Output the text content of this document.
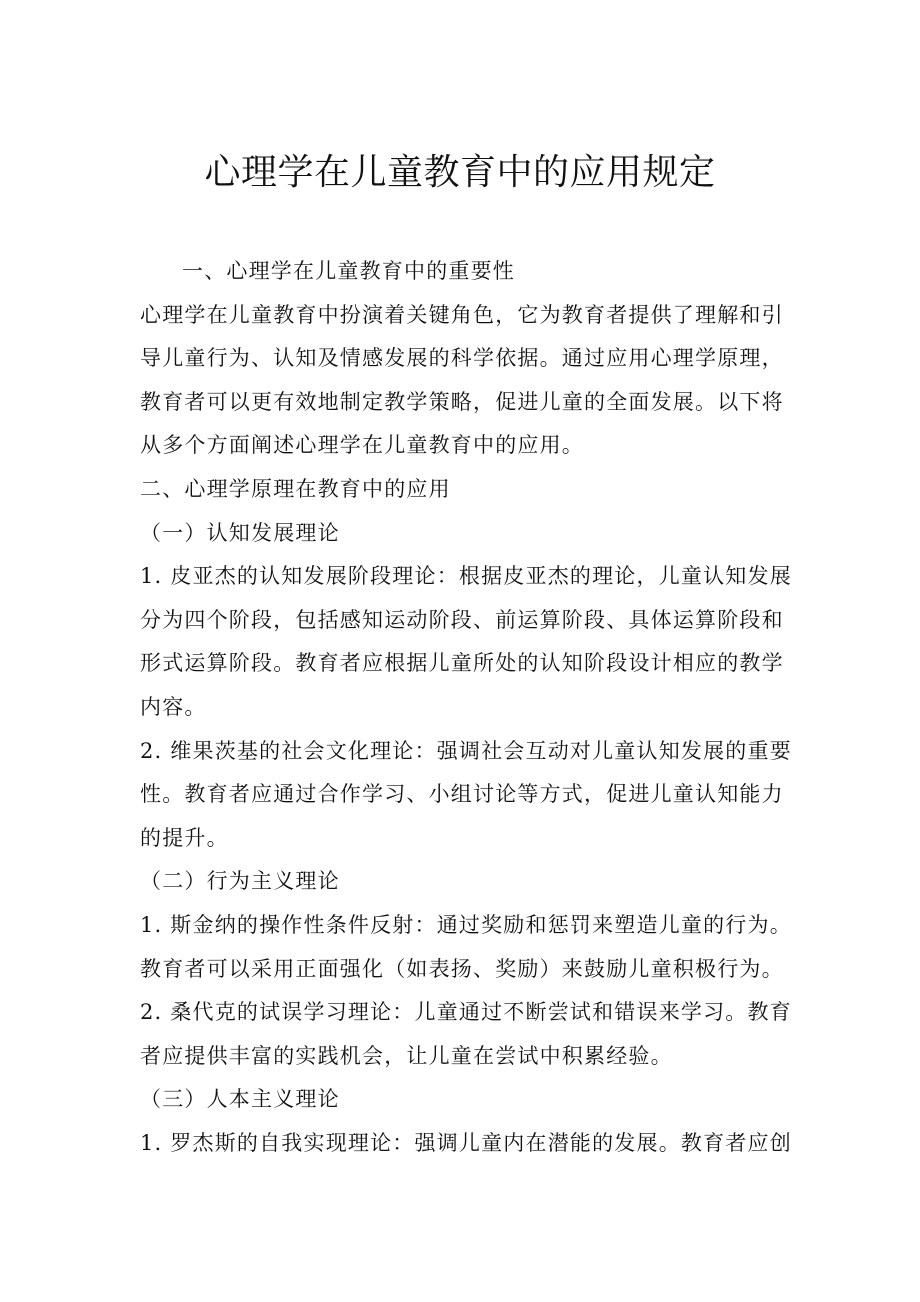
心理学在儿童教育中的应用规定

一、心理学在儿童教育中的重要性

心理学在儿童教育中扮演着关键角色，它为教育者提供了理解和引

导儿童行为、认知及情感发展的科学依据。通过应用心理学原理，

教育者可以更有效地制定教学策略，促进儿童的全面发展。以下将

从多个方面阐述心理学在儿童教育中的应用。

二、心理学原理在教育中的应用

（一）认知发展理论

1. 皮亚杰的认知发展阶段理论：根据皮亚杰的理论，儿童认知发展

分为四个阶段，包括感知运动阶段、前运算阶段、具体运算阶段和

形式运算阶段。教育者应根据儿童所处的认知阶段设计相应的教学

内容。

2. 维果茨基的社会文化理论：强调社会互动对儿童认知发展的重要

性。教育者应通过合作学习、小组讨论等方式，促进儿童认知能力

的提升。

（二）行为主义理论

1. 斯金纳的操作性条件反射：通过奖励和惩罚来塑造儿童的行为。

教育者可以采用正面强化（如表扬、奖励）来鼓励儿童积极行为。

2. 桑代克的试误学习理论：儿童通过不断尝试和错误来学习。教育

者应提供丰富的实践机会，让儿童在尝试中积累经验。

（三）人本主义理论

1. 罗杰斯的自我实现理论：强调儿童内在潜能的发展。教育者应创
